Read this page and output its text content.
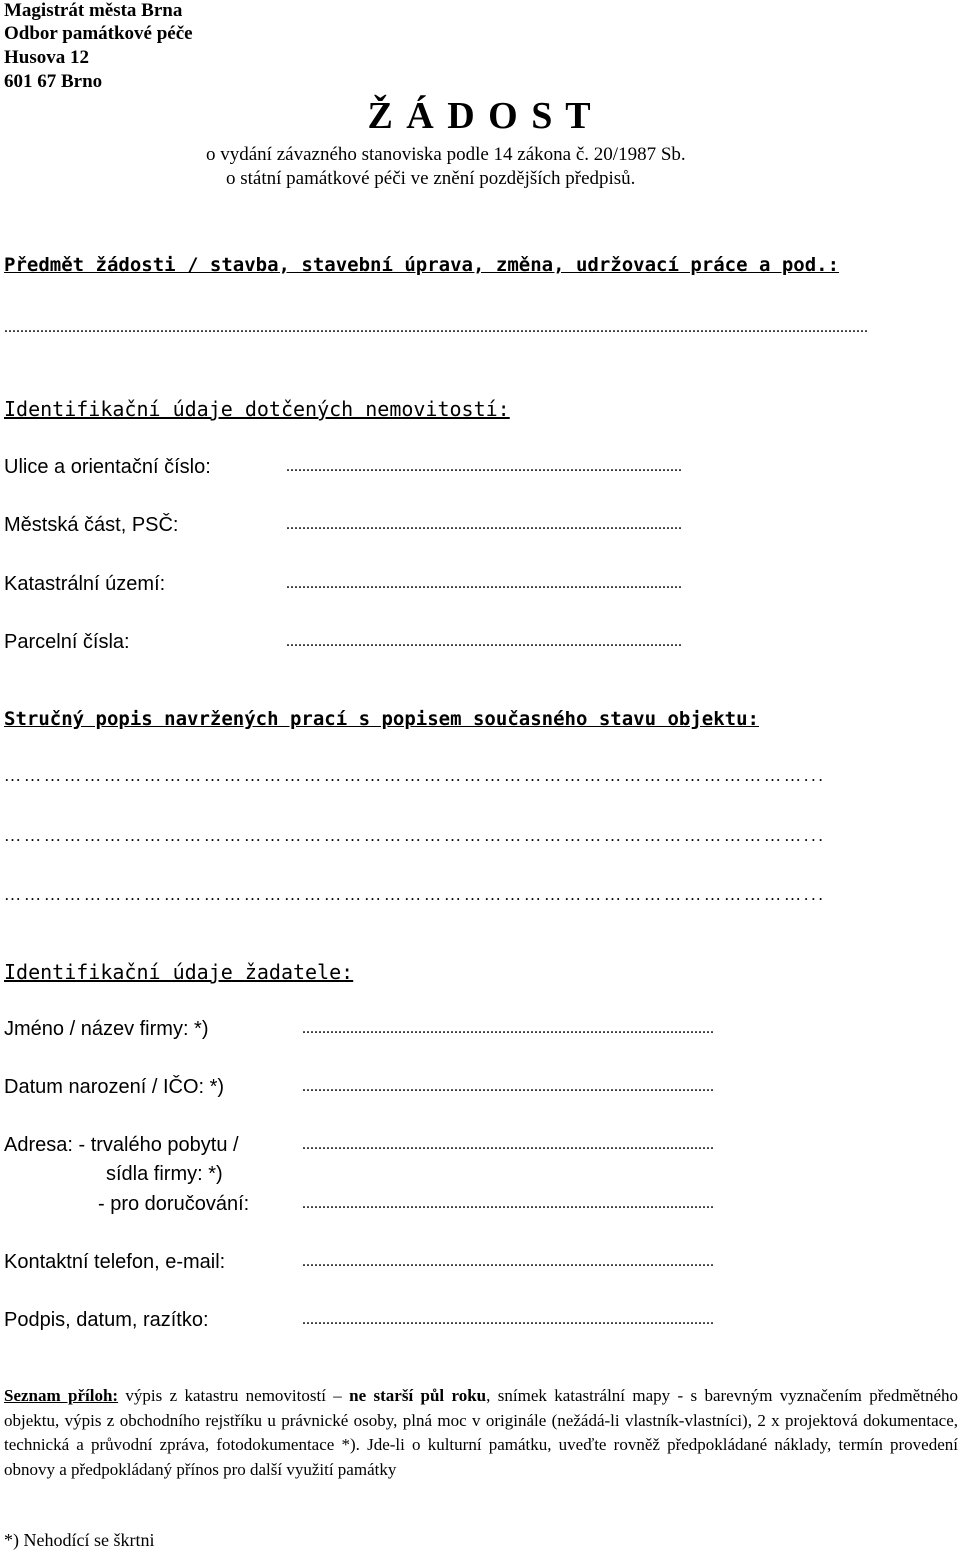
Magistrát města Brna
Odbor památkové péče
Husova 12
601 67 Brno
Ž Á D O S T
o vydání závazného stanoviska podle 14 zákona č. 20/1987 Sb.
o státní památkové péči ve znění pozdějších předpisů.
Předmět žádosti / stavba, stavební úprava, změna, udržovací práce a pod.:
........................................................................................................................................................................................................................
Identifikační údaje dotčených nemovitostí:
Ulice a orientační číslo:	...................................................................................................
Městská část, PSČ:	...................................................................................................
Katastrální území:	...................................................................................................
Parcelní čísla:	...................................................................................................
Stručný popis navržených prací s popisem současného stavu objektu:
…………………………………………………………………………………………………………...
…………………………………………………………………………………………………………...
…………………………………………………………………………………………………………...
Identifikační údaje žadatele:
Jméno / název firmy: *)	.......................................................................................................
Datum narození / IČO: *)	.......................................................................................................
Adresa: - trvalého pobytu /	.......................................................................................................
sídla firmy: *)
- pro doručování:	.......................................................................................................
Kontaktní telefon, e-mail:	.......................................................................................................
Podpis, datum, razítko:	.......................................................................................................
Seznam příloh: výpis z katastru nemovitostí – ne starší půl roku, snímek katastrální mapy - s barevným vyznačením předmětného objektu, výpis z obchodního rejstříku u právnické osoby, plná moc v originále (nežádá-li vlastník-vlastníci), 2 x projektová dokumentace, technická a průvodní zpráva, fotodokumentace *). Jde-li o kulturní památku, uveďte rovněž předpokládané náklady, termín provedení obnovy a předpokládaný přínos pro další využití památky
*) Nehodící se škrtni
